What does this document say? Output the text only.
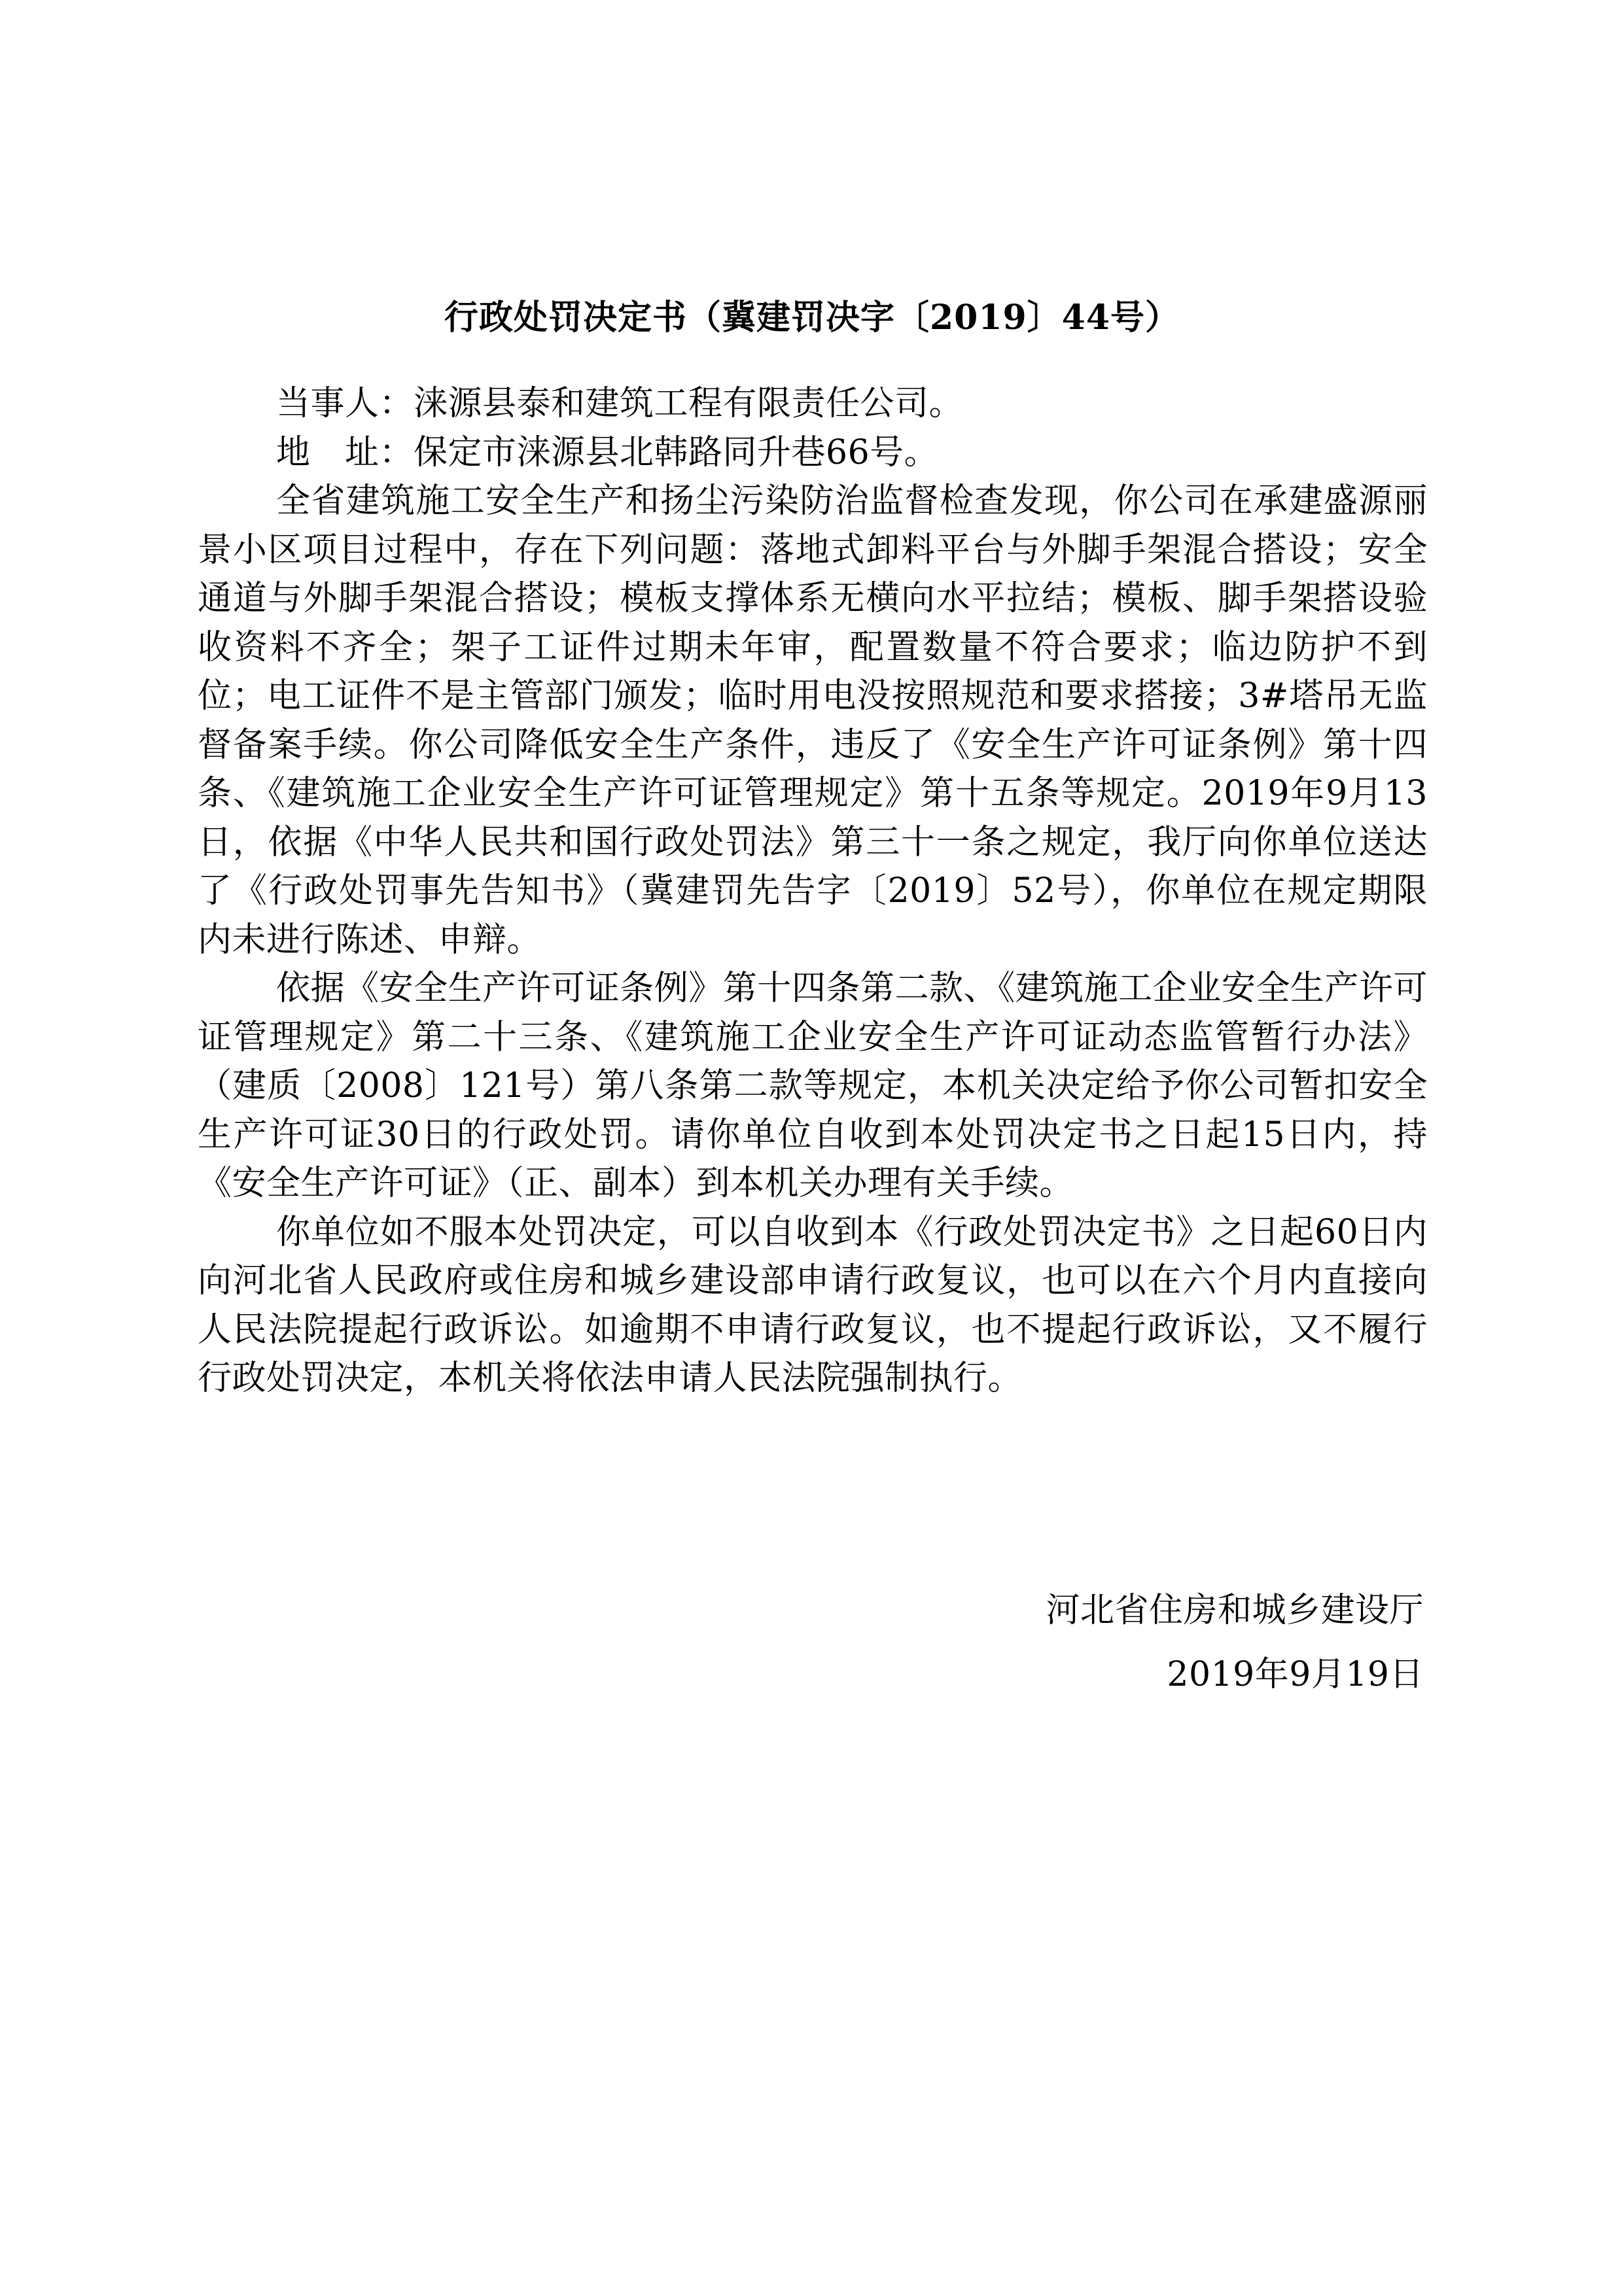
行政处罚决定书（冀建罚决字〔2019〕44号）

当事人：涞源县泰和建筑工程有限责任公司。

地　址：保定市涞源县北韩路同升巷66号。

全省建筑施工安全生产和扬尘污染防治监督检查发现，你公司在承建盛源丽景小区项目过程中，存在下列问题：落地式卸料平台与外脚手架混合搭设；安全通道与外脚手架混合搭设；模板支撑体系无横向水平拉结；模板、脚手架搭设验收资料不齐全；架子工证件过期未年审，配置数量不符合要求；临边防护不到位；电工证件不是主管部门颁发；临时用电没按照规范和要求搭接；3#塔吊无监督备案手续。你公司降低安全生产条件，违反了《安全生产许可证条例》第十四条、《建筑施工企业安全生产许可证管理规定》第十五条等规定。2019年9月13日，依据《中华人民共和国行政处罚法》第三十一条之规定，我厅向你单位送达了《行政处罚事先告知书》（冀建罚先告字〔2019〕52号），你单位在规定期限内未进行陈述、申辩。

依据《安全生产许可证条例》第十四条第二款、《建筑施工企业安全生产许可证管理规定》第二十三条、《建筑施工企业安全生产许可证动态监管暂行办法》（建质〔2008〕121号）第八条第二款等规定，本机关决定给予你公司暂扣安全生产许可证30日的行政处罚。请你单位自收到本处罚决定书之日起15日内，持《安全生产许可证》（正、副本）到本机关办理有关手续。

你单位如不服本处罚决定，可以自收到本《行政处罚决定书》之日起60日内向河北省人民政府或住房和城乡建设部申请行政复议，也可以在六个月内直接向人民法院提起行政诉讼。如逾期不申请行政复议，也不提起行政诉讼，又不履行行政处罚决定，本机关将依法申请人民法院强制执行。

河北省住房和城乡建设厅
2019年9月19日
